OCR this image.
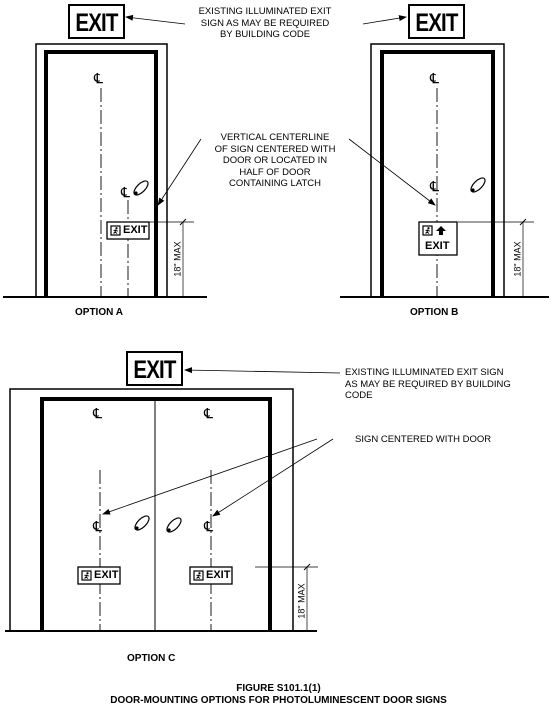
EXIT	EXIT
EXIT
EXIT
EXIT
EXIT	EXIT
℄
℄
℄
℄
℄	℄
℄	℄
18" MAX	18" MAX
18" MAX
EXISTING ILLUMINATED EXIT
SIGN AS MAY BE REQUIRED
BY BUILDING CODE
VERTICAL CENTERLINE
OF SIGN CENTERED WITH
DOOR OR LOCATED IN
HALF OF DOOR
CONTAINING LATCH
EXISTING ILLUMINATED EXIT SIGN
AS MAY BE REQUIRED BY BUILDING
CODE
SIGN CENTERED WITH DOOR
OPTION A	OPTION B
OPTION C
FIGURE S101.1(1)
DOOR-MOUNTING OPTIONS FOR PHOTOLUMINESCENT DOOR SIGNS
